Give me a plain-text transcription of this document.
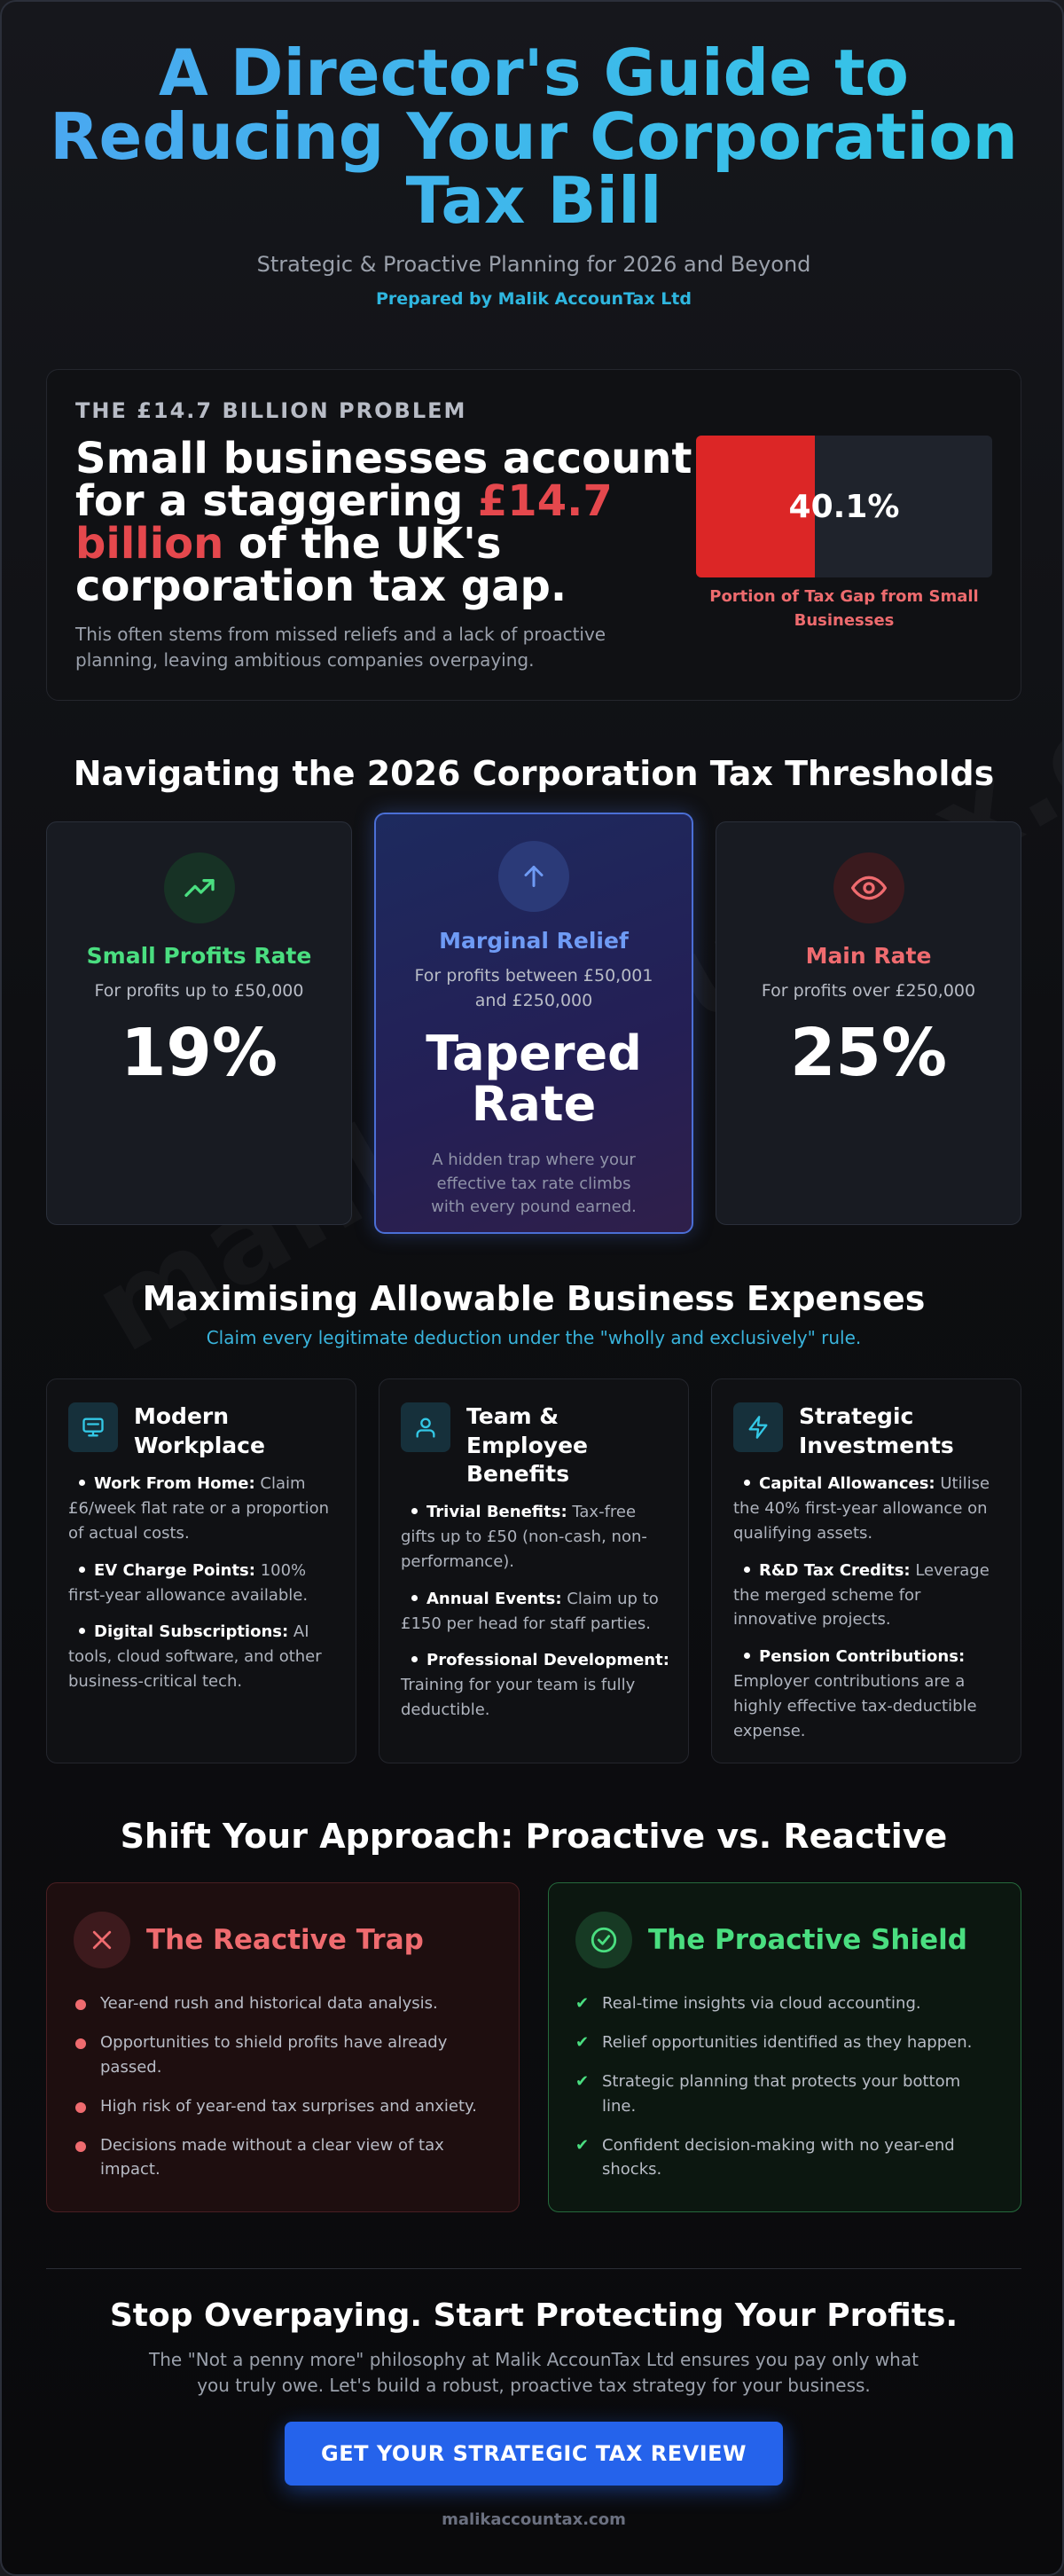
A Director's Guide to Reducing Your Corporation Tax Bill
Strategic & Proactive Planning for 2026 and Beyond
Prepared by Malik AccounTax Ltd
THE £14.7 BILLION PROBLEM
Small businesses account for a staggering £14.7 billion of the UK's corporation tax gap.
This often stems from missed reliefs and a lack of proactive planning, leaving ambitious companies overpaying.
40.1%
Portion of Tax Gap from Small Businesses
Navigating the 2026 Corporation Tax Thresholds
Small Profits Rate
For profits up to £50,000
19%
Marginal Relief
For profits between £50,001 and £250,000
Tapered Rate
A hidden trap where your effective tax rate climbs with every pound earned.
Main Rate
For profits over £250,000
25%
Maximising Allowable Business Expenses
Claim every legitimate deduction under the "wholly and exclusively" rule.
Modern Workplace
Work From Home: Claim £6/week flat rate or a proportion of actual costs.
EV Charge Points: 100% first-year allowance available.
Digital Subscriptions: AI tools, cloud software, and other business-critical tech.
Team & Employee Benefits
Trivial Benefits: Tax-free gifts up to £50 (non-cash, non-performance).
Annual Events: Claim up to £150 per head for staff parties.
Professional Development: Training for your team is fully deductible.
Strategic Investments
Capital Allowances: Utilise the 40% first-year allowance on qualifying assets.
R&D Tax Credits: Leverage the merged scheme for innovative projects.
Pension Contributions: Employer contributions are a highly effective tax-deductible expense.
Shift Your Approach: Proactive vs. Reactive
The Reactive Trap
Year-end rush and historical data analysis.
Opportunities to shield profits have already passed.
High risk of year-end tax surprises and anxiety.
Decisions made without a clear view of tax impact.
The Proactive Shield
✔ Real-time insights via cloud accounting.
✔ Relief opportunities identified as they happen.
✔ Strategic planning that protects your bottom line.
✔ Confident decision-making with no year-end shocks.
Stop Overpaying. Start Protecting Your Profits.
The "Not a penny more" philosophy at Malik AccounTax Ltd ensures you pay only what you truly owe. Let's build a robust, proactive tax strategy for your business.
GET YOUR STRATEGIC TAX REVIEW
malikaccountax.com
